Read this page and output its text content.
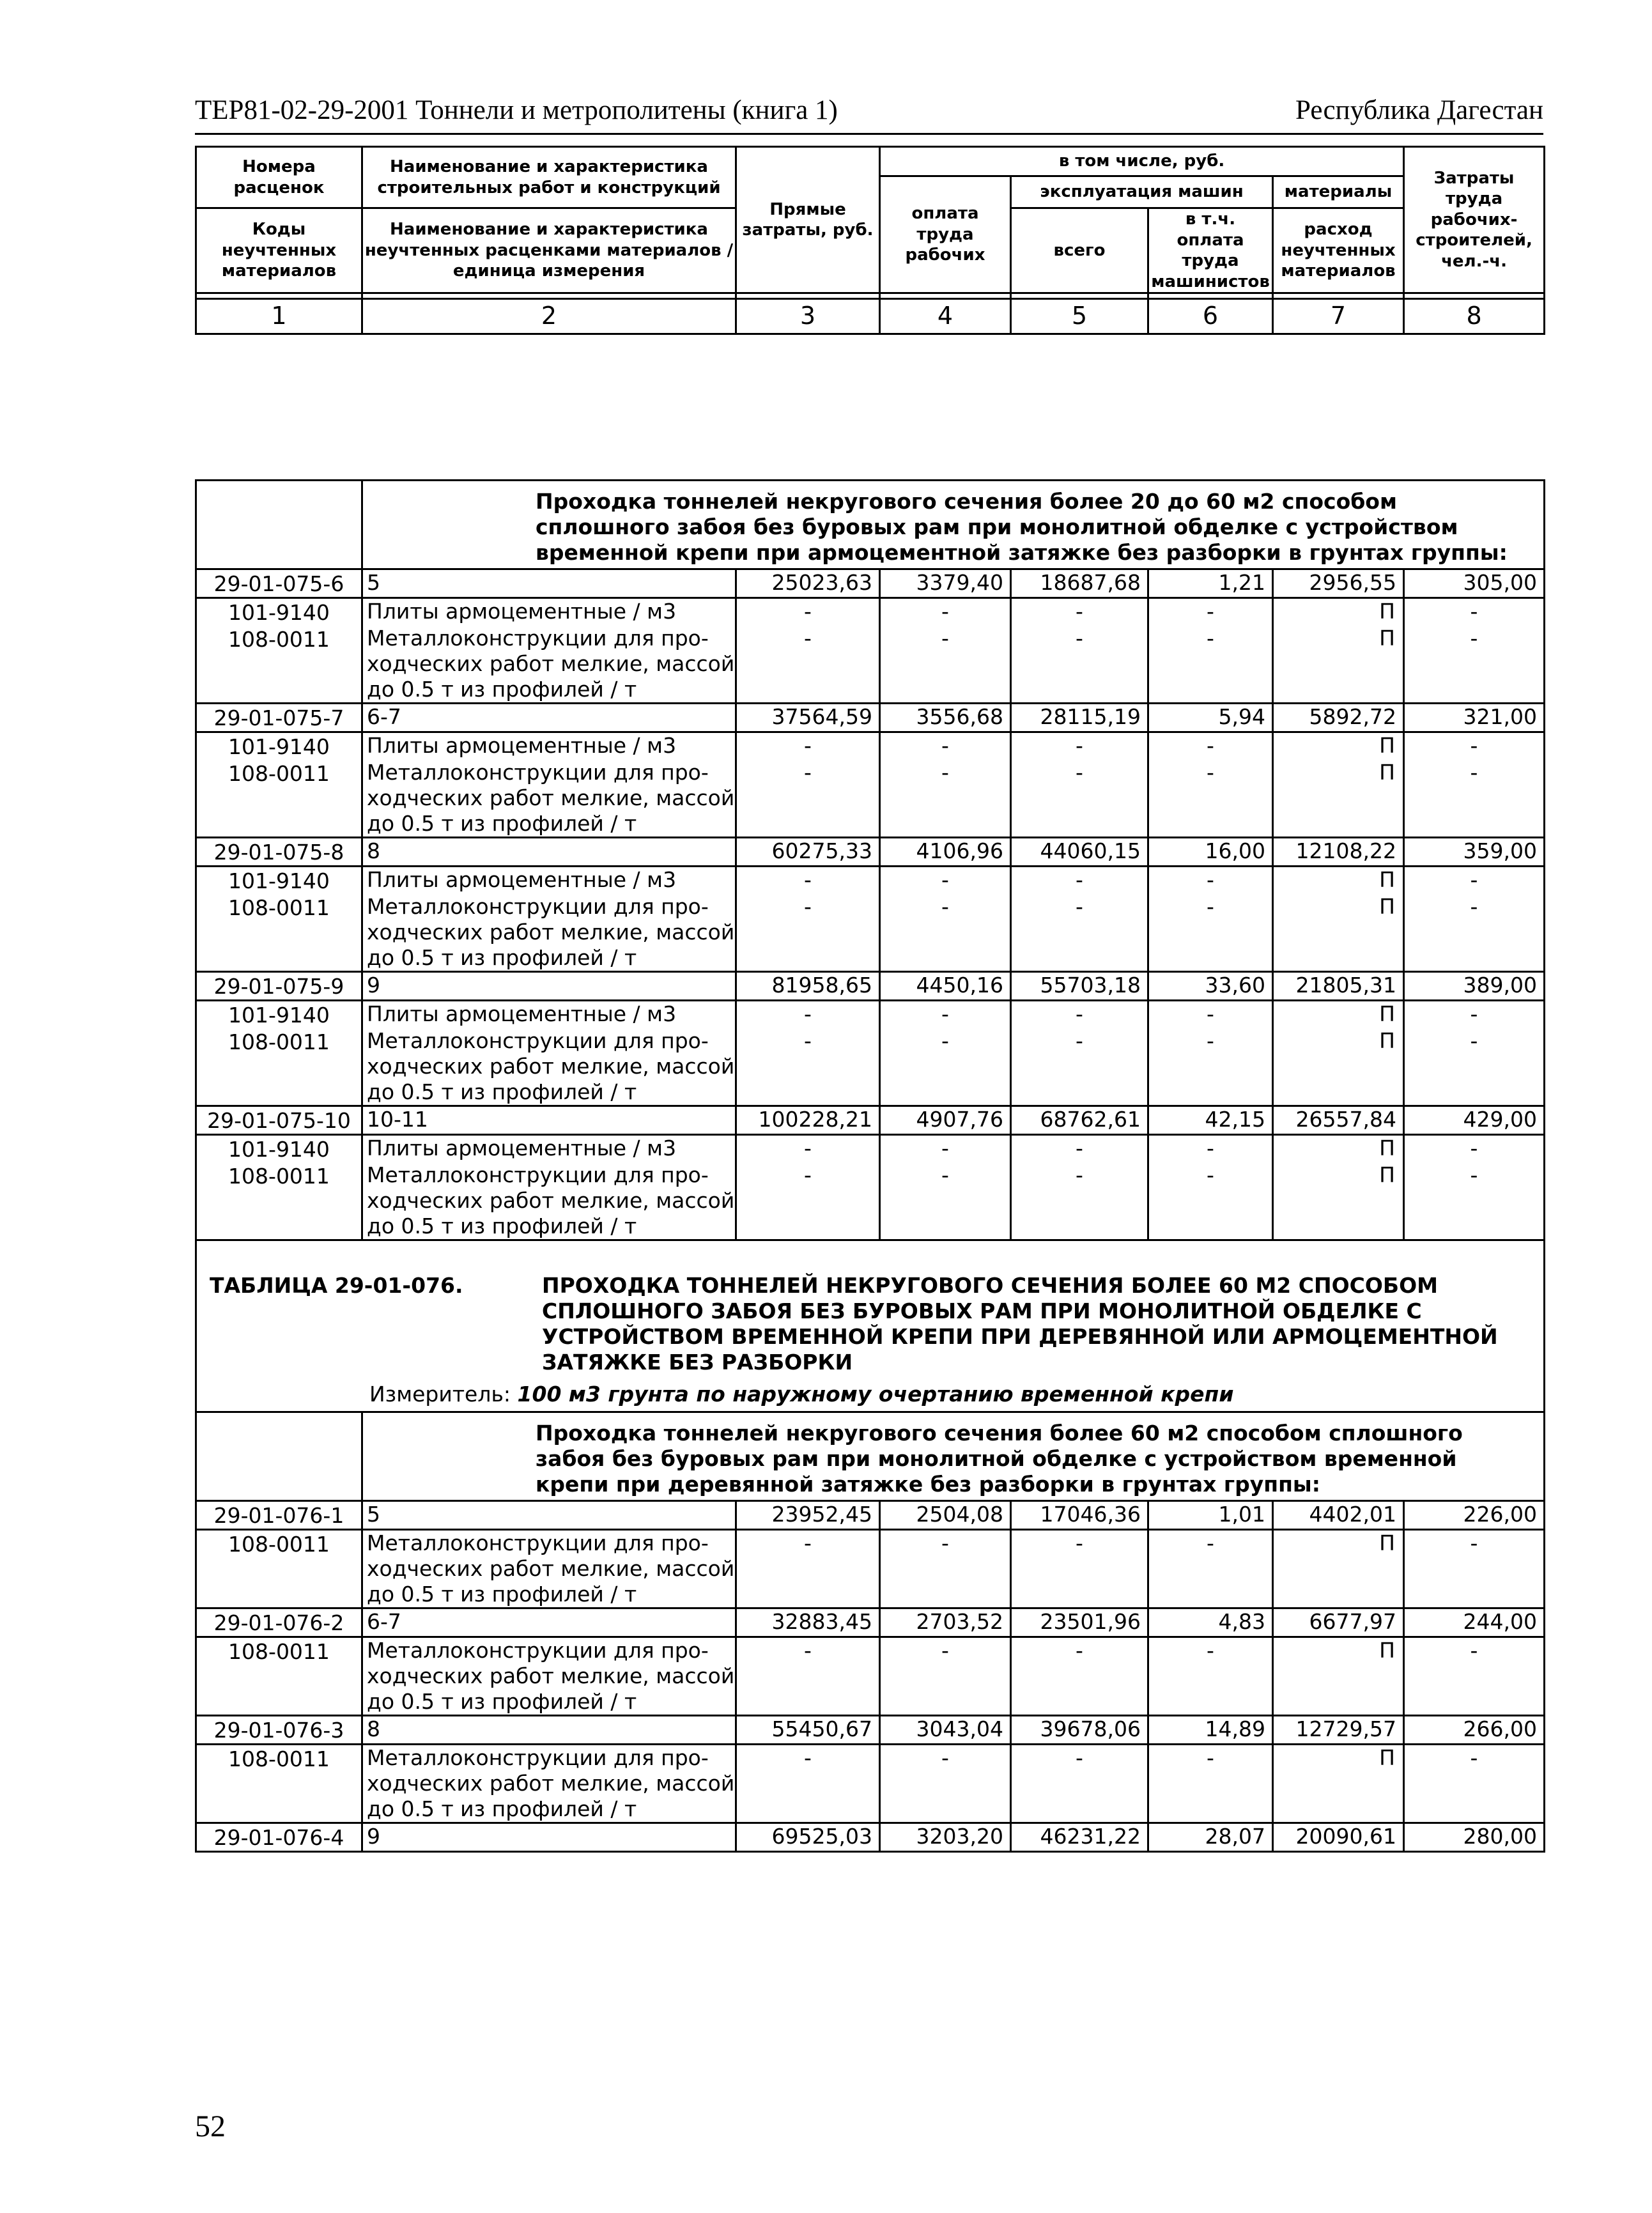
ТЕР81-02-29-2001 Тоннели и метрополитены (книга 1)	Республика Дагестан
Номера расценок	Наименование и характеристика строительных работ и конструкций	Прямые затраты, руб.	в том числе, руб.				Затраты труда рабочих-строителей, чел.-ч.
			оплата труда рабочих	эксплуатация машин		материалы	
Коды неучтенных материалов	Наименование и характеристика неучтенных расценками материалов / единица измерения			всего	в т.ч. оплата труда машинистов	расход неучтенных материалов	

1	2	3	4	5	6	7	8
	Проходка тоннелей некругового сечения более 20 до 60 м2 способом сплошного забоя без буровых рам при монолитной обделке с устройством временной крепи при армоцементной затяжке без разборки в грунтах группы:						
29-01-075-6	5	25023,63	3379,40	18687,68	1,21	2956,55	305,00
101-9140	Плиты армоцементные / м3	-	-	-	-	П	-
108-0011	Металлоконструкции для про-
ходческих работ мелкие, массой
до 0.5 т из профилей / т	-	-	-	-	П	-
29-01-075-7	6-7	37564,59	3556,68	28115,19	5,94	5892,72	321,00
101-9140	Плиты армоцементные / м3	-	-	-	-	П	-
108-0011	Металлоконструкции для про-
ходческих работ мелкие, массой
до 0.5 т из профилей / т	-	-	-	-	П	-
29-01-075-8	8	60275,33	4106,96	44060,15	16,00	12108,22	359,00
101-9140	Плиты армоцементные / м3	-	-	-	-	П	-
108-0011	Металлоконструкции для про-
ходческих работ мелкие, массой
до 0.5 т из профилей / т	-	-	-	-	П	-
29-01-075-9	9	81958,65	4450,16	55703,18	33,60	21805,31	389,00
101-9140	Плиты армоцементные / м3	-	-	-	-	П	-
108-0011	Металлоконструкции для про-
ходческих работ мелкие, массой
до 0.5 т из профилей / т	-	-	-	-	П	-
29-01-075-10	10-11	100228,21	4907,76	68762,61	42,15	26557,84	429,00
101-9140	Плиты армоцементные / м3	-	-	-	-	П	-
108-0011	Металлоконструкции для про-
ходческих работ мелкие, массой
до 0.5 т из профилей / т	-	-	-	-	П	-
ТАБЛИЦА 29-01-076. ПРОХОДКА ТОННЕЛЕЙ НЕКРУГОВОГО СЕЧЕНИЯ БОЛЕЕ 60 М2 СПОСОБОМ СПЛОШНОГО ЗАБОЯ БЕЗ БУРОВЫХ РАМ ПРИ МОНОЛИТНОЙ ОБДЕЛКЕ С УСТРОЙСТВОМ ВРЕМЕННОЙ КРЕПИ ПРИ ДЕРЕВЯННОЙ ИЛИ АРМОЦЕМЕНТНОЙ ЗАТЯЖКЕ БЕЗ РАЗБОРКИ							
Измеритель: 100 м3 грунта по наружному очертанию временной крепи							
	Проходка тоннелей некругового сечения более 60 м2 способом сплошного забоя без буровых рам при монолитной обделке с устройством временной крепи при деревянной затяжке без разборки в грунтах группы:						
29-01-076-1	5	23952,45	2504,08	17046,36	1,01	4402,01	226,00
108-0011	Металлоконструкции для про-
ходческих работ мелкие, массой
до 0.5 т из профилей / т	-	-	-	-	П	-
29-01-076-2	6-7	32883,45	2703,52	23501,96	4,83	6677,97	244,00
108-0011	Металлоконструкции для про-
ходческих работ мелкие, массой
до 0.5 т из профилей / т	-	-	-	-	П	-
29-01-076-3	8	55450,67	3043,04	39678,06	14,89	12729,57	266,00
108-0011	Металлоконструкции для про-
ходческих работ мелкие, массой
до 0.5 т из профилей / т	-	-	-	-	П	-
29-01-076-4	9	69525,03	3203,20	46231,22	28,07	20090,61	280,00
52
